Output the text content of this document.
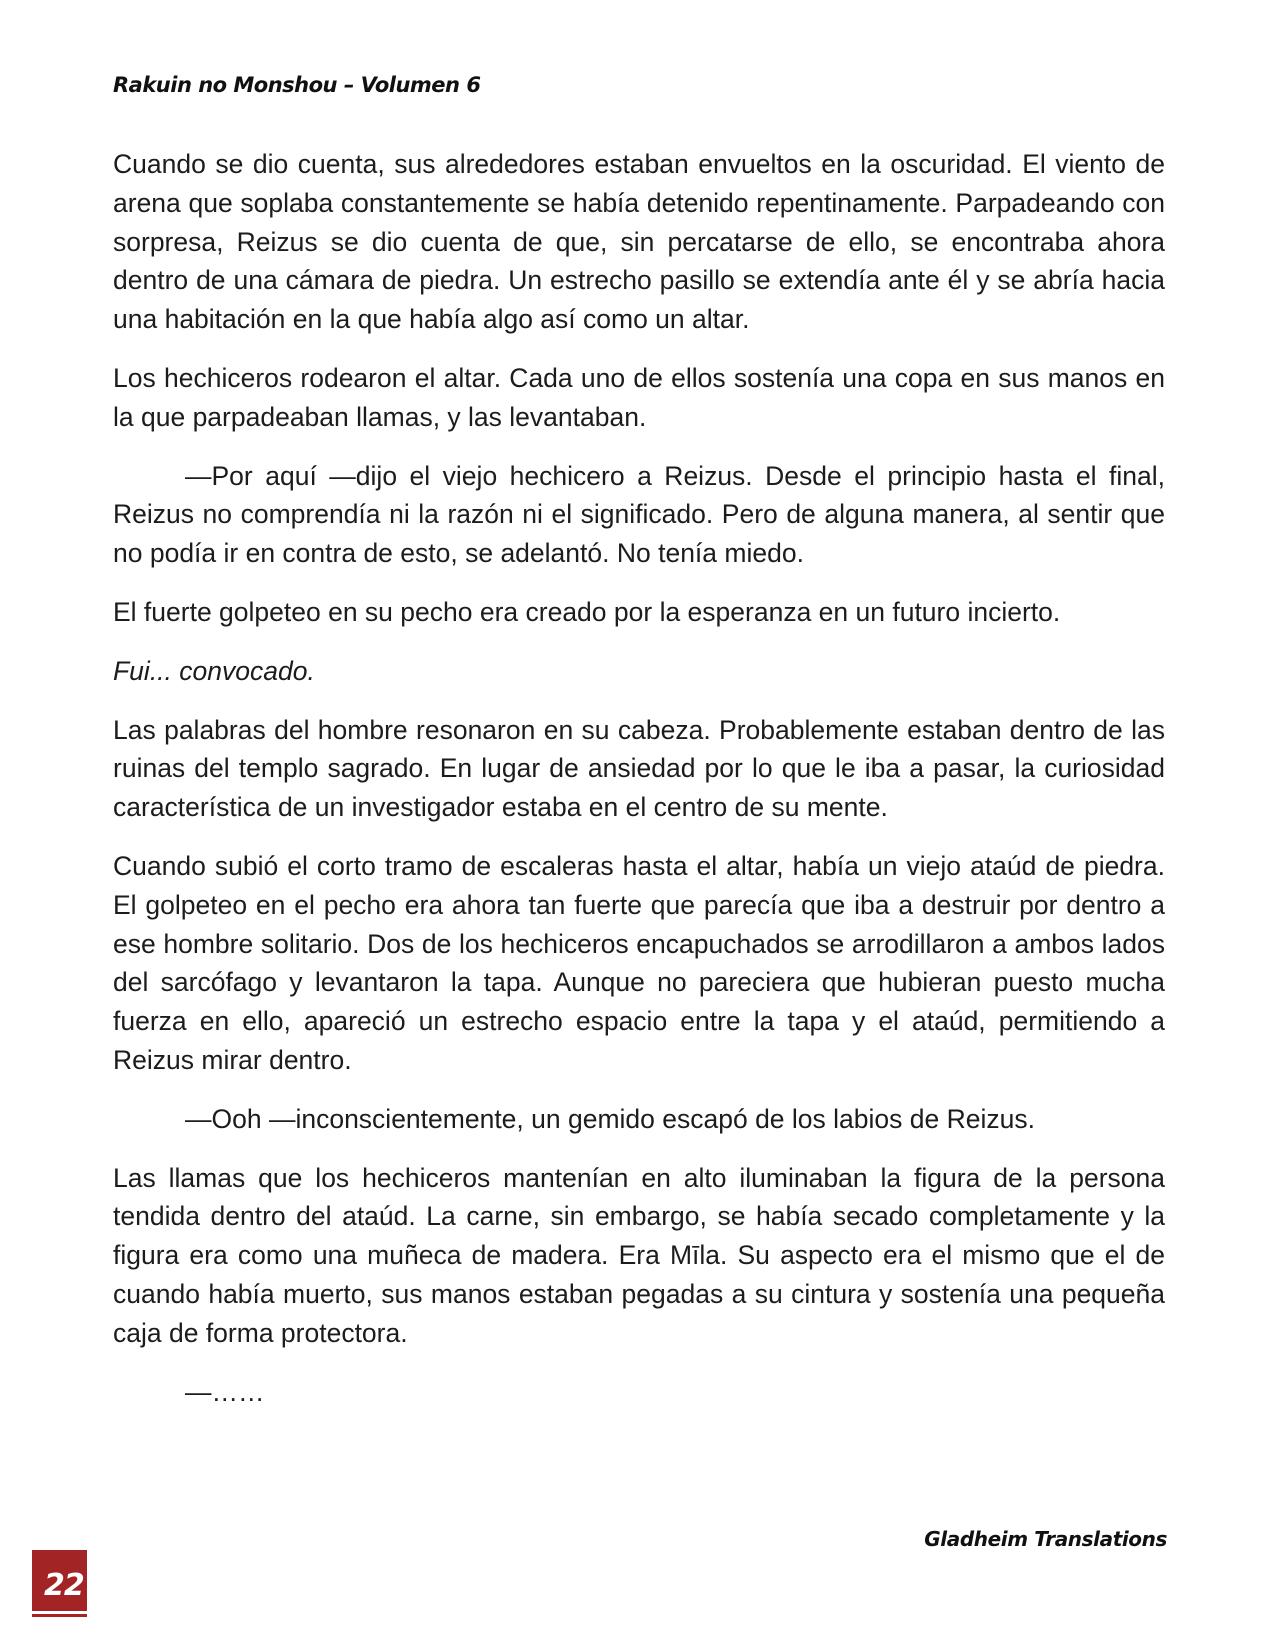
Rakuin no Monshou – Volumen 6

Cuando se dio cuenta, sus alrededores estaban envueltos en la oscuridad. El viento de arena que soplaba constantemente se había detenido repentinamente. Parpadeando con sorpresa, Reizus se dio cuenta de que, sin percatarse de ello, se encontraba ahora dentro de una cámara de piedra. Un estrecho pasillo se extendía ante él y se abría hacia una habitación en la que había algo así como un altar.

Los hechiceros rodearon el altar. Cada uno de ellos sostenía una copa en sus manos en la que parpadeaban llamas, y las levantaban.

—Por aquí —dijo el viejo hechicero a Reizus. Desde el principio hasta el final, Reizus no comprendía ni la razón ni el significado. Pero de alguna manera, al sentir que no podía ir en contra de esto, se adelantó. No tenía miedo.

El fuerte golpeteo en su pecho era creado por la esperanza en un futuro incierto.

Fui... convocado.

Las palabras del hombre resonaron en su cabeza. Probablemente estaban dentro de las ruinas del templo sagrado. En lugar de ansiedad por lo que le iba a pasar, la curiosidad característica de un investigador estaba en el centro de su mente.

Cuando subió el corto tramo de escaleras hasta el altar, había un viejo ataúd de piedra. El golpeteo en el pecho era ahora tan fuerte que parecía que iba a destruir por dentro a ese hombre solitario. Dos de los hechiceros encapuchados se arrodillaron a ambos lados del sarcófago y levantaron la tapa. Aunque no pareciera que hubieran puesto mucha fuerza en ello, apareció un estrecho espacio entre la tapa y el ataúd, permitiendo a Reizus mirar dentro.

—Ooh —inconscientemente, un gemido escapó de los labios de Reizus.

Las llamas que los hechiceros mantenían en alto iluminaban la figura de la persona tendida dentro del ataúd. La carne, sin embargo, se había secado completamente y la figura era como una muñeca de madera. Era Mīla. Su aspecto era el mismo que el de cuando había muerto, sus manos estaban pegadas a su cintura y sostenía una pequeña caja de forma protectora.

—……

Gladheim Translations
22
